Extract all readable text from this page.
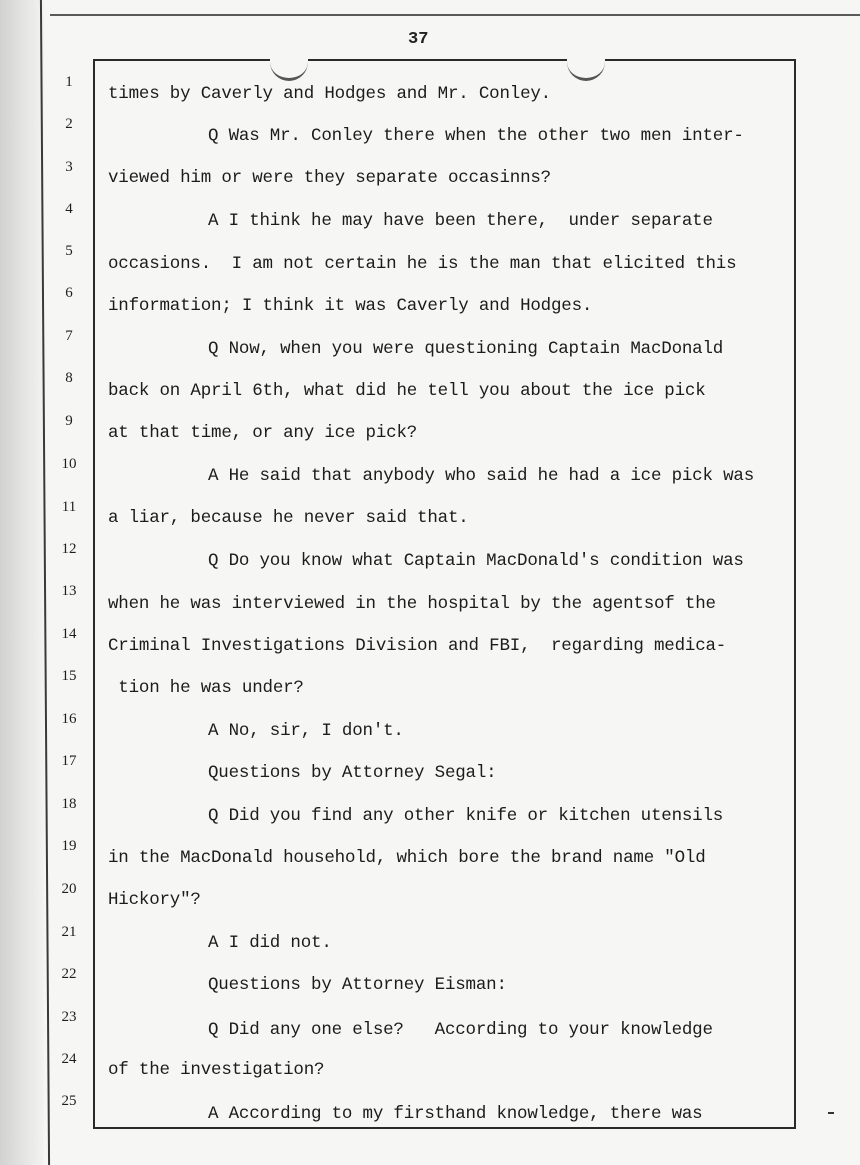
37
1
2
3
4
5
6
7
8
9
10
11
12
13
14
15
16
17
18
19
20
21
22
23
24
25
times by Caverly and Hodges and Mr. Conley.
Q Was Mr. Conley there when the other two men inter-
viewed him or were they separate occasinns?
A I think he may have been there,  under separate
occasions.  I am not certain he is the man that elicited this
information; I think it was Caverly and Hodges.
Q Now, when you were questioning Captain MacDonald
back on April 6th, what did he tell you about the ice pick
at that time, or any ice pick?
A He said that anybody who said he had a ice pick was
a liar, because he never said that.
Q Do you know what Captain MacDonald's condition was
when he was interviewed in the hospital by the agentsof the
Criminal Investigations Division and FBI,  regarding medica-
tion he was under?
A No, sir, I don't.
Questions by Attorney Segal:
Q Did you find any other knife or kitchen utensils
in the MacDonald household, which bore the brand name "Old
Hickory"?
A I did not.
Questions by Attorney Eisman:
Q Did any one else?   According to your knowledge
of the investigation?
A According to my firsthand knowledge, there was
